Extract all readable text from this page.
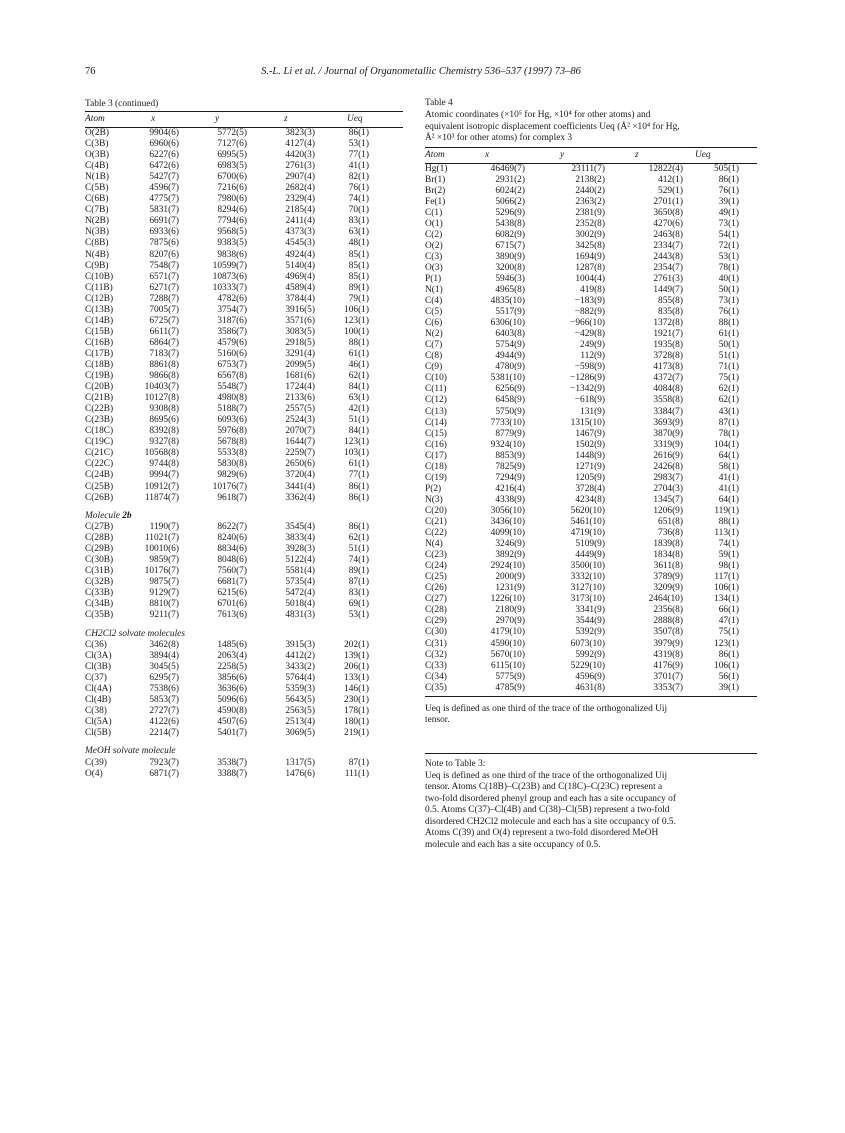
76	S.-L. Li et al. / Journal of Organometallic Chemistry 536–537 (1997) 73–86
Table 3 (continued)
Atom	x	y	z	Ueq
O(2B)	9904(6)	5772(5)	3823(3)	86(1)
C(3B)	6960(6)	7127(6)	4127(4)	53(1)
O(3B)	6227(6)	6995(5)	4420(3)	77(1)
C(4B)	6472(6)	6983(5)	2761(3)	41(1)
N(1B)	5427(7)	6700(6)	2907(4)	82(1)
C(5B)	4596(7)	7216(6)	2682(4)	76(1)
C(6B)	4775(7)	7980(6)	2329(4)	74(1)
C(7B)	5831(7)	8294(6)	2185(4)	70(1)
N(2B)	6691(7)	7794(6)	2411(4)	83(1)
N(3B)	6933(6)	9568(5)	4373(3)	63(1)
C(8B)	7875(6)	9383(5)	4545(3)	48(1)
N(4B)	8207(6)	9838(6)	4924(4)	85(1)
C(9B)	7548(7)	10599(7)	5140(4)	85(1)
C(10B)	6571(7)	10873(6)	4969(4)	85(1)
C(11B)	6271(7)	10333(7)	4589(4)	89(1)
C(12B)	7288(7)	4782(6)	3784(4)	79(1)
C(13B)	7005(7)	3754(7)	3916(5)	106(1)
C(14B)	6725(7)	3187(6)	3571(6)	123(1)
C(15B)	6611(7)	3586(7)	3083(5)	100(1)
C(16B)	6864(7)	4579(6)	2918(5)	88(1)
C(17B)	7183(7)	5160(6)	3291(4)	61(1)
C(18B)	8861(8)	6753(7)	2099(5)	46(1)
C(19B)	9866(8)	6567(8)	1681(6)	62(1)
C(20B)	10403(7)	5548(7)	1724(4)	84(1)
C(21B)	10127(8)	4980(8)	2133(6)	63(1)
C(22B)	9308(8)	5188(7)	2557(5)	42(1)
C(23B)	8695(6)	6093(6)	2524(3)	51(1)
C(18C)	8392(8)	5976(8)	2070(7)	84(1)
C(19C)	9327(8)	5678(8)	1644(7)	123(1)
C(21C)	10568(8)	5533(8)	2259(7)	103(1)
C(22C)	9744(8)	5830(8)	2650(6)	61(1)
C(24B)	9994(7)	9829(6)	3720(4)	77(1)
C(25B)	10912(7)	10176(7)	3441(4)	86(1)
C(26B)	11874(7)	9618(7)	3362(4)	86(1)
Molecule 2b
C(27B)	1190(7)	8622(7)	3545(4)	86(1)
C(28B)	11021(7)	8240(6)	3833(4)	62(1)
C(29B)	10010(6)	8834(6)	3928(3)	51(1)
C(30B)	9859(7)	8048(6)	5122(4)	74(1)
C(31B)	10176(7)	7560(7)	5581(4)	89(1)
C(32B)	9875(7)	6681(7)	5735(4)	87(1)
C(33B)	9129(7)	6215(6)	5472(4)	83(1)
C(34B)	8810(7)	6701(6)	5018(4)	69(1)
C(35B)	9211(7)	7613(6)	4831(3)	53(1)
CH2Cl2 solvate molecules
C(36)	3462(8)	1485(6)	3915(3)	202(1)
Cl(3A)	3894(4)	2063(4)	4412(2)	139(1)
Cl(3B)	3045(5)	2258(5)	3433(2)	206(1)
C(37)	6295(7)	3856(6)	5764(4)	133(1)
Cl(4A)	7538(6)	3636(6)	5359(3)	146(1)
Cl(4B)	5853(7)	5096(6)	5643(5)	230(1)
C(38)	2727(7)	4590(8)	2563(5)	178(1)
Cl(5A)	4122(6)	4507(6)	2513(4)	180(1)
Cl(5B)	2214(7)	5401(7)	3069(5)	219(1)
MeOH solvate molecule
C(39)	7923(7)	3538(7)	1317(5)	87(1)
O(4)	6871(7)	3388(7)	1476(6)	111(1)
Table 4
Atomic coordinates (×10⁵ for Hg, ×10⁴ for other atoms) and
equivalent isotropic displacement coefficients Ueq (Å² ×10⁴ for Hg,
Å² ×10³ for other atoms) for complex 3
Atom	x	y	z	Ueq
Hg(1)	46469(7)	23111(7)	12822(4)	505(1)
Br(1)	2931(2)	2138(2)	412(1)	86(1)
Br(2)	6024(2)	2440(2)	529(1)	76(1)
Fe(1)	5066(2)	2363(2)	2701(1)	39(1)
C(1)	5296(9)	2381(9)	3650(8)	49(1)
O(1)	5438(8)	2352(8)	4270(6)	73(1)
C(2)	6082(9)	3002(9)	2463(8)	54(1)
O(2)	6715(7)	3425(8)	2334(7)	72(1)
C(3)	3890(9)	1694(9)	2443(8)	53(1)
O(3)	3200(8)	1287(8)	2354(7)	78(1)
P(1)	5946(3)	1004(4)	2761(3)	40(1)
N(1)	4965(8)	419(8)	1449(7)	50(1)
C(4)	4835(10)	−183(9)	855(8)	73(1)
C(5)	5517(9)	−882(9)	835(8)	76(1)
C(6)	6306(10)	−966(10)	1372(8)	88(1)
N(2)	6403(8)	−429(8)	1921(7)	61(1)
C(7)	5754(9)	249(9)	1935(8)	50(1)
C(8)	4944(9)	112(9)	3728(8)	51(1)
C(9)	4780(9)	−598(9)	4173(8)	71(1)
C(10)	5381(10)	−1286(9)	4372(7)	75(1)
C(11)	6256(9)	−1342(9)	4084(8)	62(1)
C(12)	6458(9)	−618(9)	3558(8)	62(1)
C(13)	5750(9)	131(9)	3384(7)	43(1)
C(14)	7733(10)	1315(10)	3693(9)	87(1)
C(15)	8779(9)	1467(9)	3870(9)	78(1)
C(16)	9324(10)	1502(9)	3319(9)	104(1)
C(17)	8853(9)	1448(9)	2616(9)	64(1)
C(18)	7825(9)	1271(9)	2426(8)	58(1)
C(19)	7294(9)	1205(9)	2983(7)	41(1)
P(2)	4216(4)	3728(4)	2704(3)	41(1)
N(3)	4338(9)	4234(8)	1345(7)	64(1)
C(20)	3056(10)	5620(10)	1206(9)	119(1)
C(21)	3436(10)	5461(10)	651(8)	88(1)
C(22)	4099(10)	4719(10)	736(8)	113(1)
N(4)	3246(9)	5109(9)	1839(8)	74(1)
C(23)	3892(9)	4449(9)	1834(8)	59(1)
C(24)	2924(10)	3500(10)	3611(8)	98(1)
C(25)	2000(9)	3332(10)	3789(9)	117(1)
C(26)	1231(9)	3127(10)	3209(9)	106(1)
C(27)	1226(10)	3173(10)	2464(10)	134(1)
C(28)	2180(9)	3341(9)	2356(8)	66(1)
C(29)	2970(9)	3544(9)	2888(8)	47(1)
C(30)	4179(10)	5392(9)	3507(8)	75(1)
C(31)	4590(10)	6073(10)	3979(9)	123(1)
C(32)	5670(10)	5992(9)	4319(8)	86(1)
C(33)	6115(10)	5229(10)	4176(9)	106(1)
C(34)	5775(9)	4596(9)	3701(7)	56(1)
C(35)	4785(9)	4631(8)	3353(7)	39(1)

Ueq is defined as one third of the trace of the orthogonalized Uij

tensor.

Note to Table 3:

Ueq is defined as one third of the trace of the orthogonalized Uij

tensor. Atoms C(18B)–C(23B) and C(18C)–C(23C) represent a

two-fold disordered phenyl group and each has a site occupancy of

0.5. Atoms C(37)–Cl(4B) and C(38)–Cl(5B) represent a two-fold

disordered CH2Cl2 molecule and each has a site occupancy of 0.5.

Atoms C(39) and O(4) represent a two-fold disordered MeOH

molecule and each has a site occupancy of 0.5.
